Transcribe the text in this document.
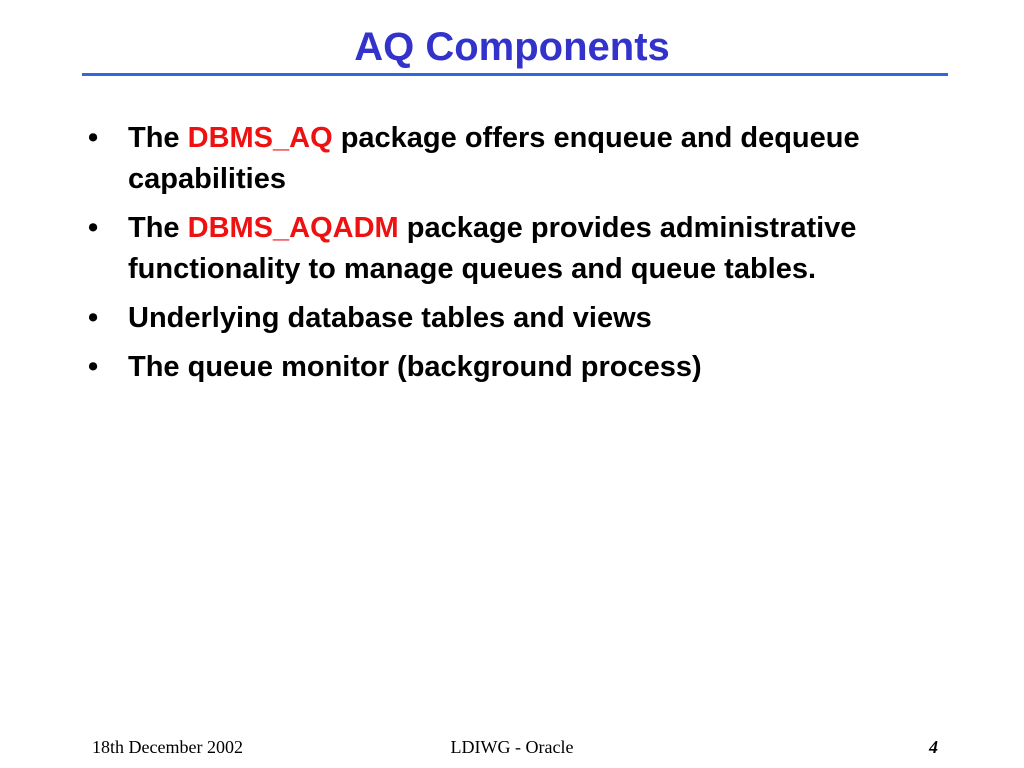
AQ Components
• The DBMS_AQ package offers enqueue and dequeue capabilities
• The DBMS_AQADM package provides administrative functionality to manage queues and queue tables.
• Underlying database tables and views
• The queue monitor (background process)
LDIWG - Oracle
18th December 2002	4
